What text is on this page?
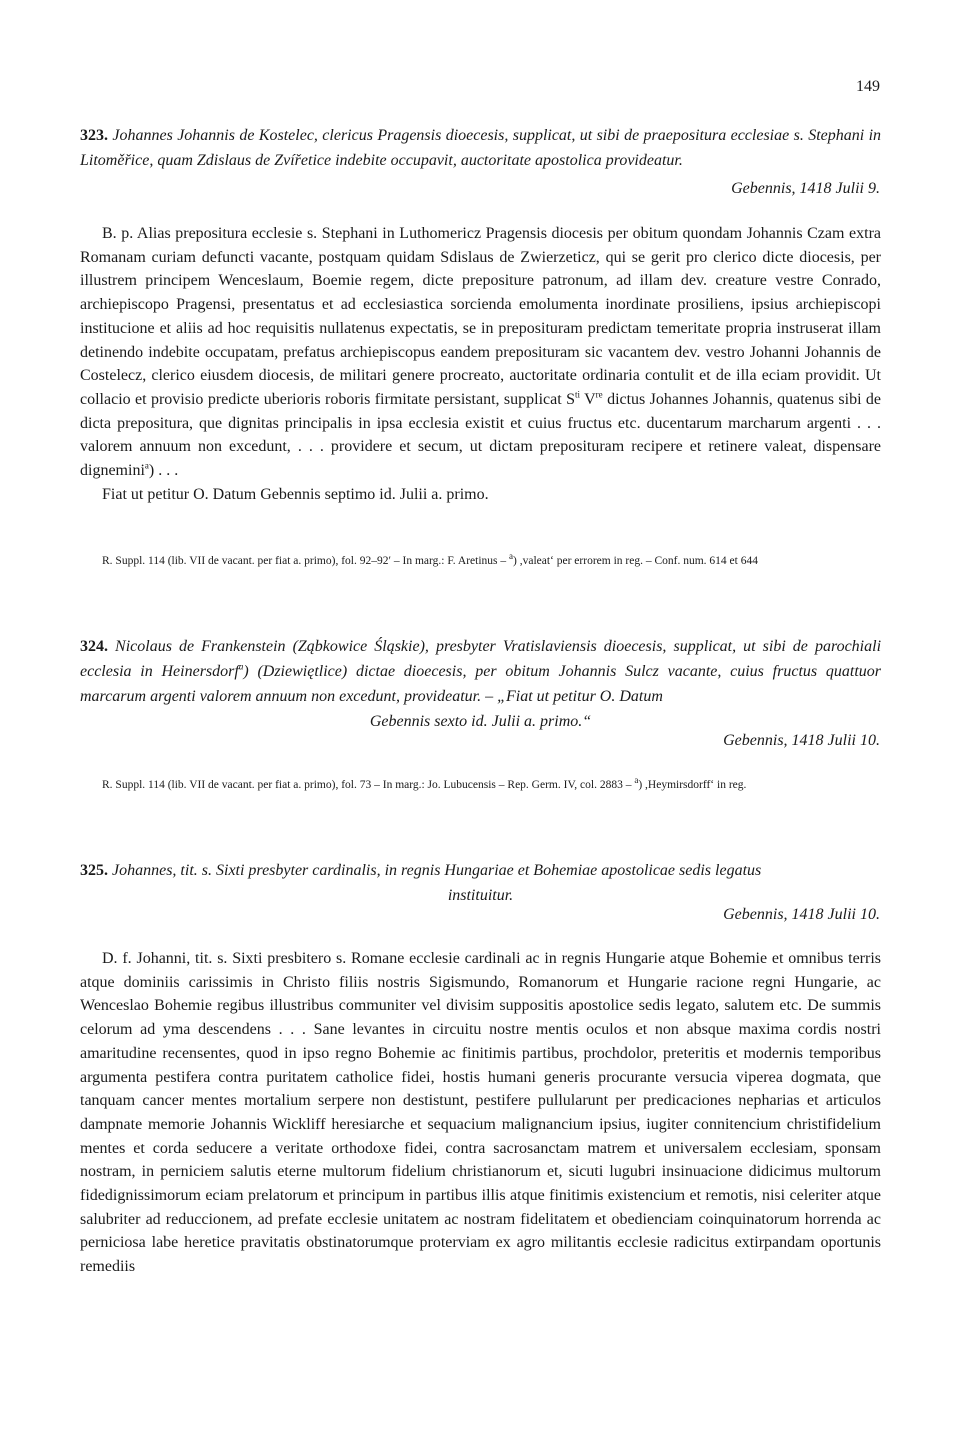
149
323. Johannes Johannis de Kostelec, clericus Pragensis dioecesis, supplicat, ut sibi de praepositura ecclesiae s. Stephani in Litoměřice, quam Zdislaus de Zvířetice indebite occupavit, auctoritate apostolica provideatur.
Gebennis, 1418 Julii 9.

B. p. Alias prepositura ecclesie s. Stephani in Luthomericz Pragensis diocesis per obitum quondam Johannis Czam extra Romanam curiam defuncti vacante, postquam quidam Sdislaus de Zwierzeticz, qui se gerit pro clerico dicte diocesis, per illustrem principem Wenceslaum, Boemie regem, dicte prepositure patronum, ad illam dev. creature vestre Conrado, archiepiscopo Pragensi, presentatus et ad ecclesiastica sorcienda emolumenta inordinate prosiliens, ipsius archiepiscopi institucione et aliis ad hoc requisitis nullatenus expectatis, se in preposituram predictam temeritate propria instruserat illam detinendo indebite occupatam, prefatus archiepiscopus eandem preposituram sic vacantem dev. vestro Johanni Johannis de Costelecz, clerico eiusdem diocesis, de militari genere procreato, auctoritate ordinaria contulit et de illa eciam providit. Ut collacio et provisio predicte uberioris roboris firmitate persistant, supplicat $S^{ti}$ Vre dictus Johannes Johannis, quatenus sibi de dicta prepositura, que dignitas principalis in ipsa ecclesia existit et cuius fructus etc. ducentarum marcharum argenti . . . valorem annuum non excedunt, . . . providere et secum, ut dictam preposituram recipere et retinere valeat, dispensare dignemini$^a$) . . .

Fiat ut petitur O. Datum Gebennis septimo id. Julii a. primo.

R. Suppl. 114 (lib. VII de vacant. per fiat a. primo), fol. 92–92′ – In marg.: F. Aretinus – $^a$) ,valeat‘ per errorem in reg. – Conf. num. 614 et 644

324. Nicolaus de Frankenstein (Ząbkowice Śląskie), presbyter Vratislaviensis dioecesis, supplicat, ut sibi de parochiali ecclesia in Heinersdorf$^a$) (Dziewiętlice) dictae dioecesis, per obitum Johannis Sulcz vacante, cuius fructus quattuor marcarum argenti valorem annuum non excedunt, provideatur. – „Fiat ut petitur O. Datum
Gebennis sexto id. Julii a. primo.“
Gebennis, 1418 Julii 10.

R. Suppl. 114 (lib. VII de vacant. per fiat a. primo), fol. 73 – In marg.: Jo. Lubucensis – Rep. Germ. IV, col. 2883 – $^a$) ,Heymirsdorff‘ in reg.

325. Johannes, tit. s. Sixti presbyter cardinalis, in regnis Hungariae et Bohemiae apostolicae sedis legatus
instituitur.
Gebennis, 1418 Julii 10.

D. f. Johanni, tit. s. Sixti presbitero s. Romane ecclesie cardinali ac in regnis Hungarie atque Bohemie et omnibus terris atque dominiis carissimis in Christo filiis nostris Sigismundo, Romanorum et Hungarie racione regni Hungarie, ac Wenceslao Bohemie regibus illustribus communiter vel divisim suppositis apostolice sedis legato, salutem etc. De summis celorum ad yma descendens . . . Sane levantes in circuitu nostre mentis oculos et non absque maxima cordis nostri amaritudine recensentes, quod in ipso regno Bohemie ac finitimis partibus, prochdolor, preteritis et modernis temporibus argumenta pestifera contra puritatem catholice fidei, hostis humani generis procurante versucia viperea dogmata, que tanquam cancer mentes mortalium serpere non destistunt, pestifere pullularunt per predicaciones nepharias et articulos dampnate memorie Johannis Wickliff heresiarche et sequacium malignancium ipsius, iugiter connitencium christifidelium mentes et corda seducere a veritate orthodoxe fidei, contra sacrosanctam matrem et universalem ecclesiam, sponsam nostram, in perniciem salutis eterne multorum fidelium christianorum et, sicuti lugubri insinuacione didicimus multorum fidedignissimorum eciam prelatorum et principum in partibus illis atque finitimis existencium et remotis, nisi celeriter atque salubriter ad reduccionem, ad prefate ecclesie unitatem ac nostram fidelitatem et obedienciam coinquinatorum horrenda ac perniciosa labe heretice pravitatis obstinatorumque proterviam ex agro militantis ecclesie radicitus extirpandam oportunis remediis
